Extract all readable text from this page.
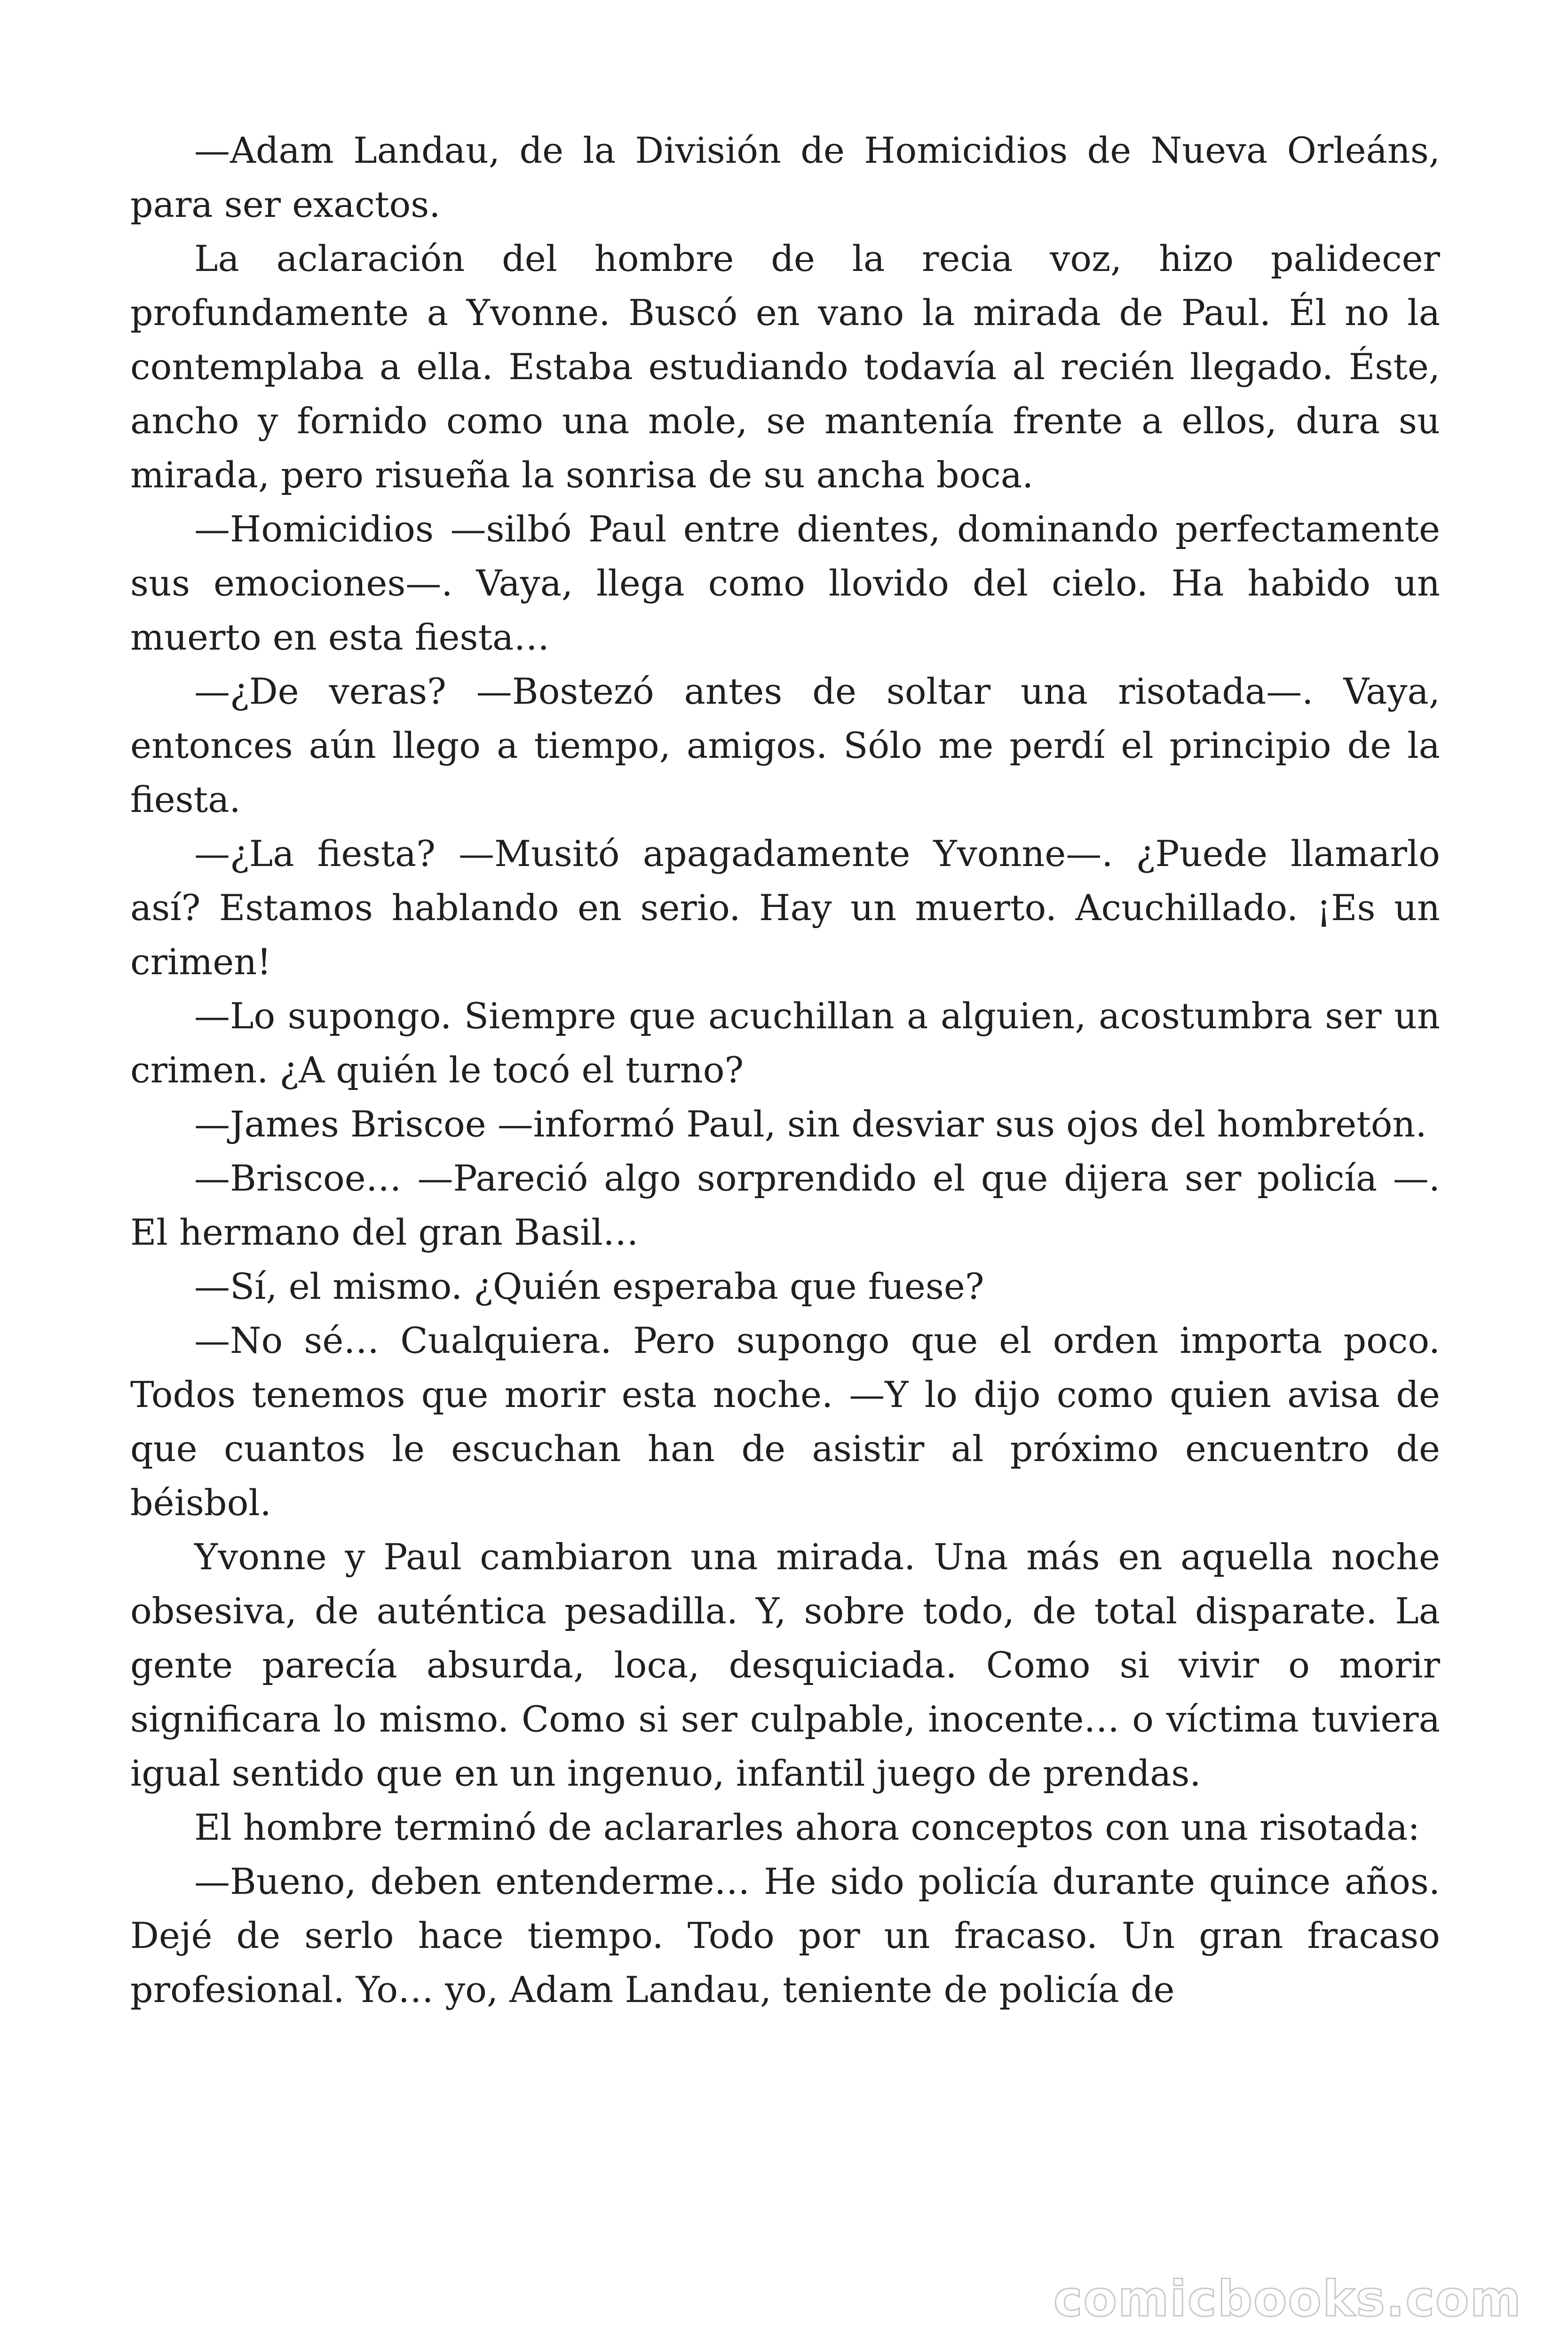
—Adam Landau, de la División de Homicidios de Nueva Orleáns, para ser exactos.

La aclaración del hombre de la recia voz, hizo palidecer profundamente a Yvonne. Buscó en vano la mirada de Paul. Él no la contemplaba a ella. Estaba estudiando todavía al recién llegado. Éste, ancho y fornido como una mole, se mantenía frente a ellos, dura su mirada, pero risueña la sonrisa de su ancha boca.

—Homicidios —silbó Paul entre dientes, dominando perfectamente sus emociones—. Vaya, llega como llovido del cielo. Ha habido un muerto en esta fiesta…

—¿De veras? —Bostezó antes de soltar una risotada—. Vaya, entonces aún llego a tiempo, amigos. Sólo me perdí el principio de la fiesta.

—¿La fiesta? —Musitó apagadamente Yvonne—. ¿Puede llamarlo así? Estamos hablando en serio. Hay un muerto. Acuchillado. ¡Es un crimen!

—Lo supongo. Siempre que acuchillan a alguien, acostumbra ser un crimen. ¿A quién le tocó el turno?

—James Briscoe —informó Paul, sin desviar sus ojos del hombretón.

—Briscoe… —Pareció algo sorprendido el que dijera ser policía —. El hermano del gran Basil…

—Sí, el mismo. ¿Quién esperaba que fuese?

—No sé… Cualquiera. Pero supongo que el orden importa poco. Todos tenemos que morir esta noche. —Y lo dijo como quien avisa de que cuantos le escuchan han de asistir al próximo encuentro de béisbol.

Yvonne y Paul cambiaron una mirada. Una más en aquella noche obsesiva, de auténtica pesadilla. Y, sobre todo, de total disparate. La gente parecía absurda, loca, desquiciada. Como si vivir o morir significara lo mismo. Como si ser culpable, inocente… o víctima tuviera igual sentido que en un ingenuo, infantil juego de prendas.

El hombre terminó de aclararles ahora conceptos con una risotada:

—Bueno, deben entenderme… He sido policía durante quince años. Dejé de serlo hace tiempo. Todo por un fracaso. Un gran fracaso profesional. Yo… yo, Adam Landau, teniente de policía de

comicbooks.com
